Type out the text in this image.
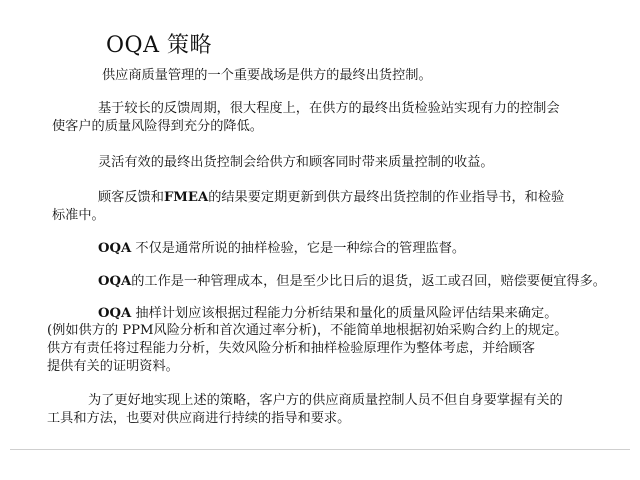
OQA 策略
供应商质量管理的一个重要战场是供方的最终出货控制。
基于较长的反馈周期，很大程度上，在供方的最终出货检验站实现有力的控制会
使客户的质量风险得到充分的降低。
灵活有效的最终出货控制会给供方和顾客同时带来质量控制的收益。
顾客反馈和FMEA的结果要定期更新到供方最终出货控制的作业指导书，和检验
标准中。
OQA 不仅是通常所说的抽样检验，它是一种综合的管理监督。
OQA的工作是一种管理成本，但是至少比日后的退货，返工或召回，赔偿要便宜得多。
OQA 抽样计划应该根据过程能力分析结果和量化的质量风险评估结果来确定。
(例如供方的 PPM风险分析和首次通过率分析)，不能简单地根据初始采购合约上的规定。
供方有责任将过程能力分析，失效风险分析和抽样检验原理作为整体考虑，并给顾客
提供有关的证明资料。
为了更好地实现上述的策略，客户方的供应商质量控制人员不但自身要掌握有关的
工具和方法，也要对供应商进行持续的指导和要求。
